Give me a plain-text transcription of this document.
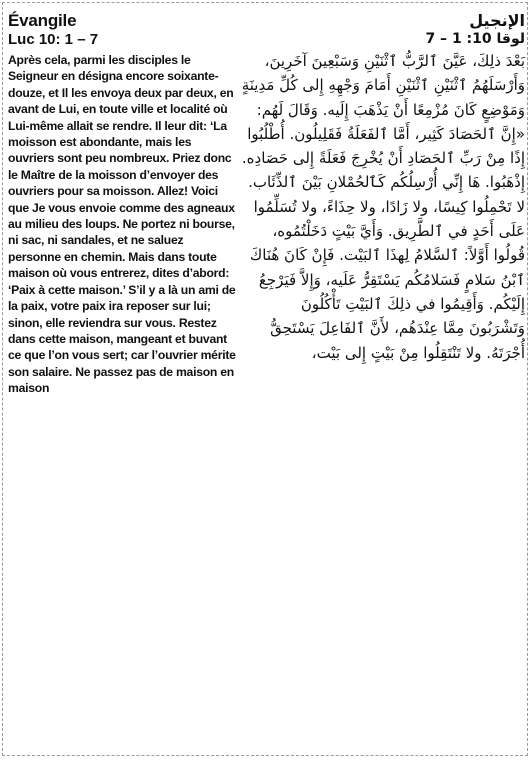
Évangile
Luc 10: 1 – 7
Après cela, parmi les disciples le Seigneur en désigna encore soixante-douze, et Il les envoya deux par deux, en avant de Lui, en toute ville et localité où Lui-même allait se rendre. Il leur dit: ‘La moisson est abondante, mais les ouvriers sont peu nombreux. Priez donc le Maître de la moisson d’envoyer des ouvriers pour sa moisson. Allez! Voici que Je vous envoie comme des agneaux au milieu des loups. Ne portez ni bourse, ni sac, ni sandales, et ne saluez personne en chemin. Mais dans toute maison où vous entrerez, dites d’abord: ‘Paix à cette maison.’ S’il y a là un ami de la paix, votre paix ira reposer sur lui; sinon, elle reviendra sur vous. Restez dans cette maison, mangeant et buvant ce que l’on vous sert; car l’ouvrier mérite son salaire. Ne passez pas de maison en maison
الإنجيل
لوقا 10: 1 – 7
بَعْدَ ذلِكَ، عَيَّنَ ٱلرَّبُّ ٱثْنَيْنِ وَسَبْعِينَ آخَرِينَ، وَأَرْسَلَهُمُ ٱثْنَيْنِ ٱثْنَيْنِ أَمَامَ وَجْهِهِ إِلى كُلِّ مَدِينَةٍ وَمَوْضِعٍ كَانَ مُزْمِعًا أَنْ يَذْهَبَ إِلَيه. وَقَالَ لَهُم: «إِنَّ ٱلحَصَادَ كَثِير، أَمَّا ٱلفَعَلَةُ فَقَلِيلُون. أُطْلُبُوا إِذًا مِنْ رَبِّ ٱلحَصَادِ أَنْ يُخْرِجَ فَعَلَةً إِلى حَصَادِه. إِذْهَبُوا. هَا إِنِّي أُرْسِلُكُم كَٱلحُمْلانِ بَيْنَ ٱلذِّئَاب. لا تَحْمِلُوا كِيسًا، ولا زَادًا، ولا حِذَاءً، ولا تُسَلِّمُوا عَلَى أَحَدٍ في ٱلطَّرِيق. وَأَيَّ بَيْتٍ دَخَلْتُمُوه، قُولُوا أَوَّلاً: ٱلسَّلامُ لِهذَا ٱلبَيْت. فَإِنْ كَانَ هُنَاكَ ٱبْنُ سَلامٍ فَسَلامُكُم يَسْتَقِرُّ عَلَيه، وَإِلاَّ فَيَرْجِعُ إِلَيْكُم. وَأَقِيمُوا في ذلِكَ ٱلبَيْتِ تَأْكُلُونَ وَتَشْرَبُونَ مِمَّا عِنْدَهُم، لأَنَّ ٱلفَاعِلَ يَسْتَحِقُّ أُجْرَتَهُ. ولا تَنْتَقِلُوا مِنْ بَيْتٍ إِلى بَيْت،
